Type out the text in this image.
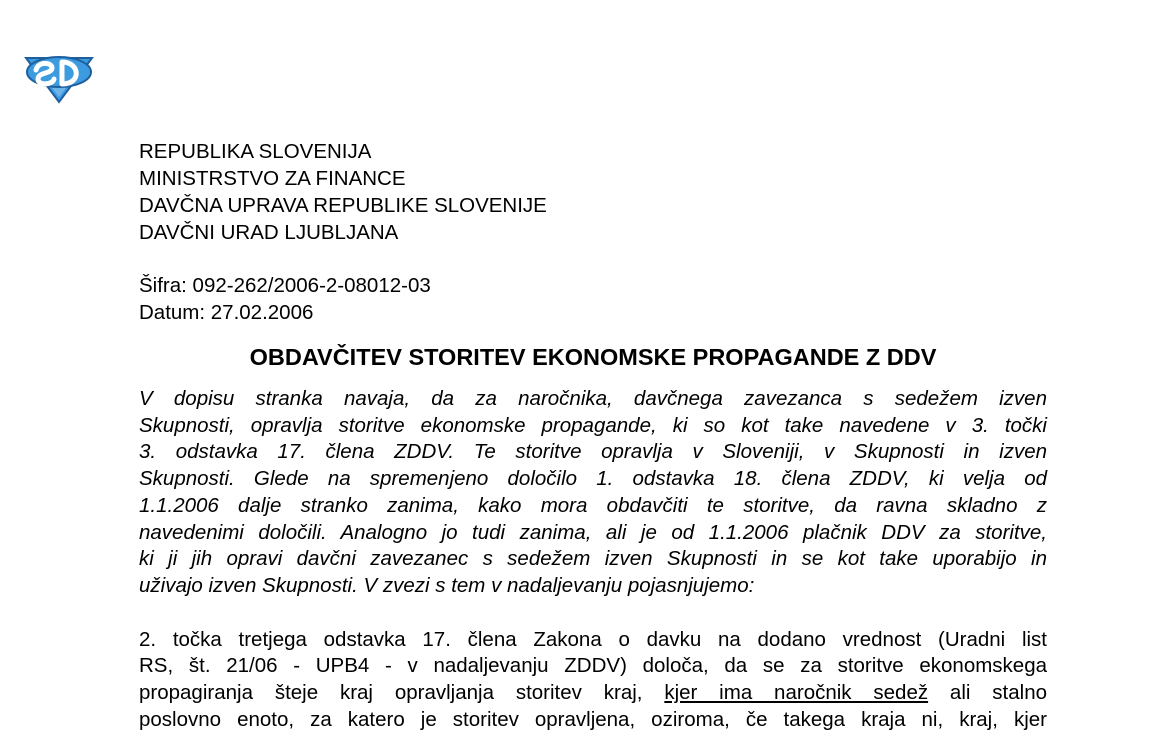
REPUBLIKA SLOVENIJA
MINISTRSTVO ZA FINANCE
DAVČNA UPRAVA REPUBLIKE SLOVENIJE
DAVČNI URAD LJUBLJANA
Šifra: 092-262/2006-2-08012-03
Datum: 27.02.2006
OBDAVČITEV STORITEV EKONOMSKE PROPAGANDE Z DDV
V dopisu stranka navaja, da za naročnika, davčnega zavezanca s sedežem izven
Skupnosti, opravlja storitve ekonomske propagande, ki so kot take navedene v 3. točki
3. odstavka 17. člena ZDDV. Te storitve opravlja v Sloveniji, v Skupnosti in izven
Skupnosti. Glede na spremenjeno določilo 1. odstavka 18. člena ZDDV, ki velja od
1.1.2006 dalje stranko zanima, kako mora obdavčiti te storitve, da ravna skladno z
navedenimi določili. Analogno jo tudi zanima, ali je od 1.1.2006 plačnik DDV za storitve,
ki ji jih opravi davčni zavezanec s sedežem izven Skupnosti in se kot take uporabijo in
uživajo izven Skupnosti. V zvezi s tem v nadaljevanju pojasnjujemo:
2. točka tretjega odstavka 17. člena Zakona o davku na dodano vrednost (Uradni list
RS, št. 21/06 - UPB4 - v nadaljevanju ZDDV) določa, da se za storitve ekonomskega
propagiranja šteje kraj opravljanja storitev kraj, kjer ima naročnik sedež ali stalno
poslovno enoto, za katero je storitev opravljena, oziroma, če takega kraja ni, kraj, kjer
